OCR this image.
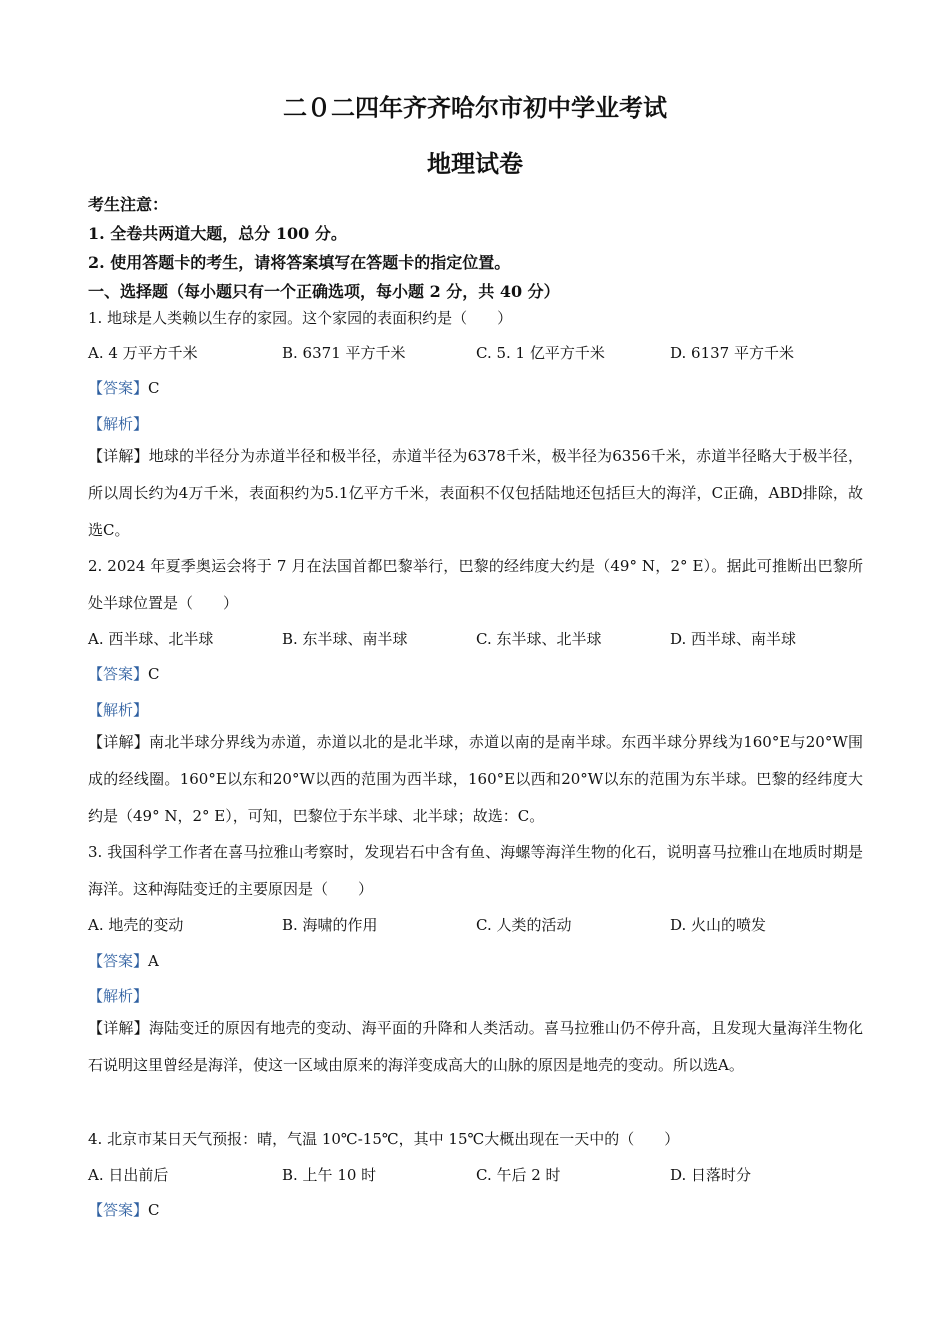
二０二四年齐齐哈尔市初中学业考试
地理试卷
考生注意：
1. 全卷共两道大题，总分 100 分。
2. 使用答题卡的考生，请将答案填写在答题卡的指定位置。
一、选择题（每小题只有一个正确选项，每小题 2 分，共 40 分）
1. 地球是人类赖以生存的家园。这个家园的表面积约是（　　）
A. 4 万平方千米	B. 6371 平方千米	C. 5. 1 亿平方千米	D. 6137 平方千米
【答案】C
【解析】
【详解】地球的半径分为赤道半径和极半径，赤道半径为6378千米，极半径为6356千米，赤道半径略大于极半径，所以周长约为4万千米，表面积约为5.1亿平方千米，表面积不仅包括陆地还包括巨大的海洋，C正确，ABD排除，故选C。
2. 2024 年夏季奥运会将于 7 月在法国首都巴黎举行，巴黎的经纬度大约是（49° N，2° E）。据此可推断出巴黎所处半球位置是（　　）
A. 西半球、北半球	B. 东半球、南半球	C. 东半球、北半球	D. 西半球、南半球
【答案】C
【解析】
【详解】南北半球分界线为赤道，赤道以北的是北半球，赤道以南的是南半球。东西半球分界线为160°E与20°W围成的经线圈。160°E以东和20°W以西的范围为西半球，160°E以西和20°W以东的范围为东半球。巴黎的经纬度大约是（49° N，2° E），可知，巴黎位于东半球、北半球；故选：C。
3. 我国科学工作者在喜马拉雅山考察时，发现岩石中含有鱼、海螺等海洋生物的化石，说明喜马拉雅山在地质时期是海洋。这种海陆变迁的主要原因是（　　）
A. 地壳的变动	B. 海啸的作用	C. 人类的活动	D. 火山的喷发
【答案】A
【解析】
【详解】海陆变迁的原因有地壳的变动、海平面的升降和人类活动。喜马拉雅山仍不停升高，且发现大量海洋生物化石说明这里曾经是海洋，使这一区域由原来的海洋变成高大的山脉的原因是地壳的变动。所以选A。
4. 北京市某日天气预报：晴，气温 10℃-15℃，其中 15℃大概出现在一天中的（　　）
A. 日出前后	B. 上午 10 时	C. 午后 2 时	D. 日落时分
【答案】C
